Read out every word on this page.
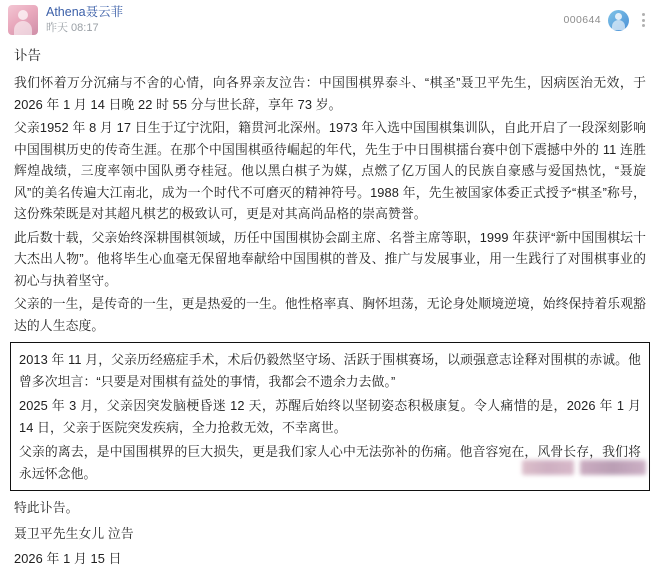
Athena聂云菲
昨天 08:17
000644
讣告

我们怀着万分沉痛与不舍的心情，向各界亲友泣告：中国围棋界泰斗、“棋圣”聂卫平先生，因病医治无效，于 2026 年 1 月 14 日晚 22 时 55 分与世长辞，享年 73 岁。

父亲1952 年 8 月 17 日生于辽宁沈阳，籍贯河北深州。1973 年入选中国围棋集训队，自此开启了一段深刻影响中国围棋历史的传奇生涯。在那个中国围棋亟待崛起的年代，先生于中日围棋擂台赛中创下震撼中外的 11 连胜辉煌战绩，三度率领中国队勇夺桂冠。他以黑白棋子为媒，点燃了亿万国人的民族自豪感与爱国热忱，“聂旋风”的美名传遍大江南北，成为一个时代不可磨灭的精神符号。1988 年，先生被国家体委正式授予“棋圣”称号，这份殊荣既是对其超凡棋艺的极致认可，更是对其高尚品格的崇高赞誉。

此后数十载，父亲始终深耕围棋领域，历任中国围棋协会副主席、名誉主席等职，1999 年获评“新中国围棋坛十大杰出人物”。他将毕生心血毫无保留地奉献给中国围棋的普及、推广与发展事业，用一生践行了对围棋事业的初心与执着坚守。

父亲的一生，是传奇的一生，更是热爱的一生。他性格率真、胸怀坦荡，无论身处顺境逆境，始终保持着乐观豁达的人生态度。

2013 年 11 月，父亲历经癌症手术，术后仍毅然坚守场、活跃于围棋赛场，以顽强意志诠释对围棋的赤诚。他曾多次坦言：“只要是对围棋有益处的事情，我都会不遗余力去做。”

2025 年 3 月，父亲因突发脑梗昏迷 12 天，苏醒后始终以坚韧姿态积极康复。令人痛惜的是，2026 年 1 月 14 日，父亲于医院突发疾病，全力抢救无效，不幸离世。

父亲的离去，是中国围棋界的巨大损失，更是我们家人心中无法弥补的伤痛。他音容宛在，风骨长存，我们将永远怀念他。

特此讣告。

聂卫平先生女儿 泣告

2026 年 1 月 15 日
